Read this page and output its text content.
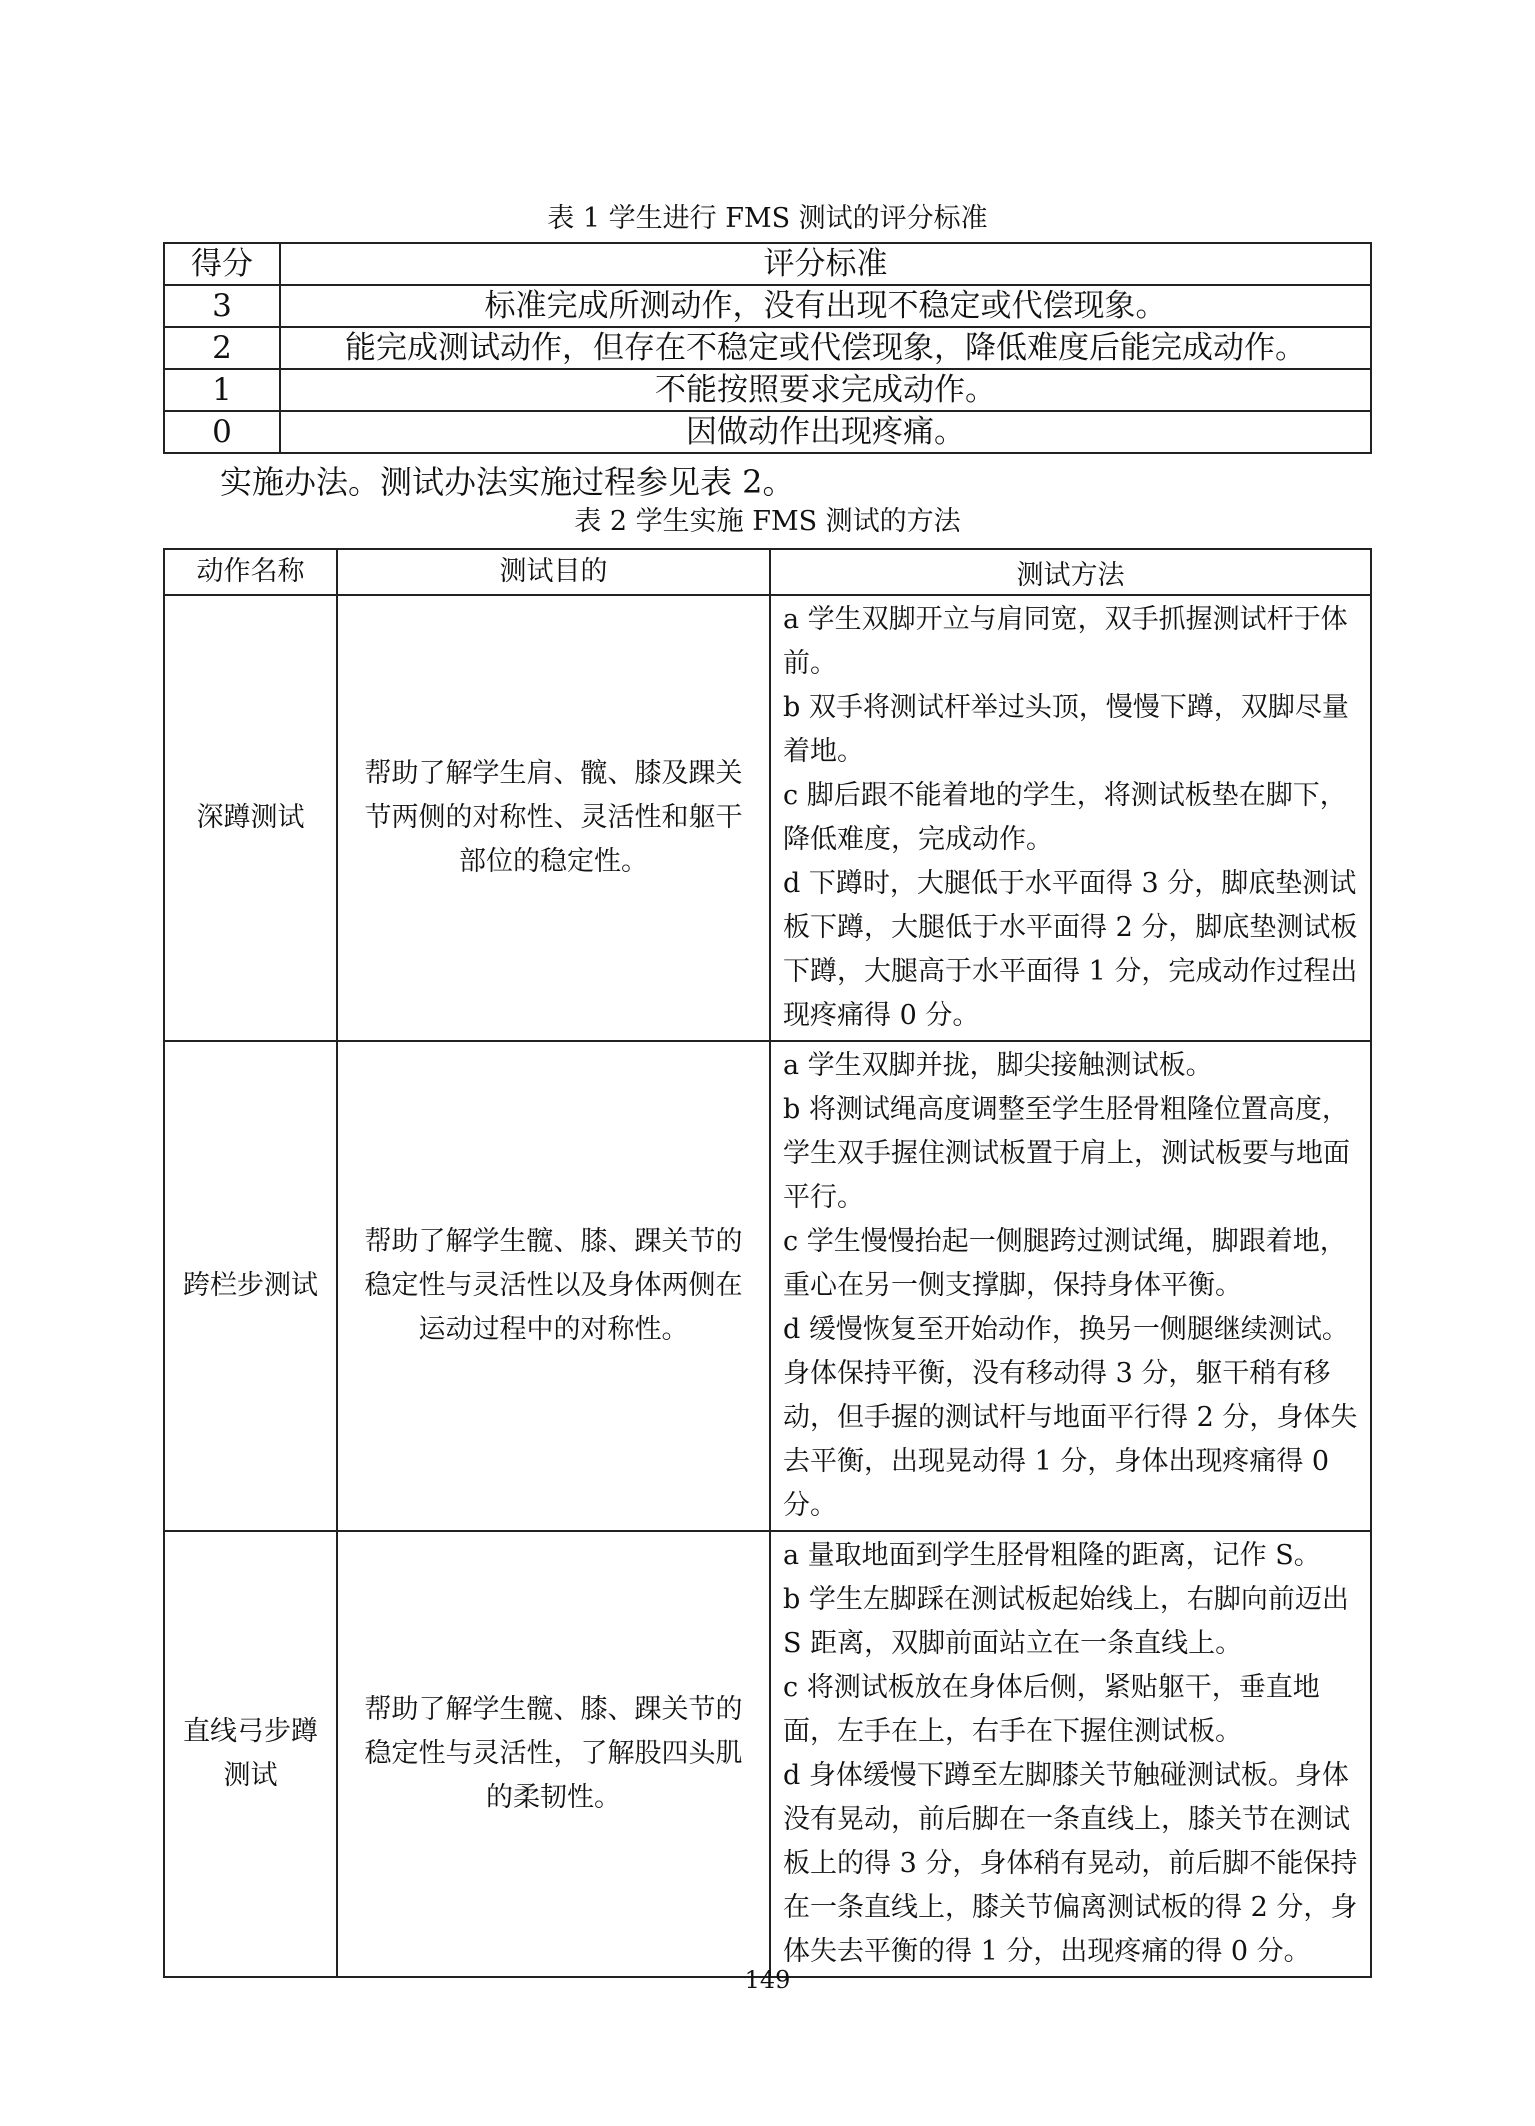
表 1 学生进行 FMS 测试的评分标准
得分	评分标准
3	标准完成所测动作，没有出现不稳定或代偿现象。
2	能完成测试动作，但存在不稳定或代偿现象，降低难度后能完成动作。
1	不能按照要求完成动作。
0	因做动作出现疼痛。
实施办法。测试办法实施过程参见表 2。
表 2 学生实施 FMS 测试的方法
动作名称	测试目的	测试方法
深蹲测试	帮助了解学生肩、髋、膝及踝关节两侧的对称性、灵活性和躯干部位的稳定性。	a 学生双脚开立与肩同宽，双手抓握测试杆于体前。
b 双手将测试杆举过头顶，慢慢下蹲，双脚尽量着地。
c 脚后跟不能着地的学生，将测试板垫在脚下，降低难度，完成动作。
d 下蹲时，大腿低于水平面得 3 分，脚底垫测试板下蹲，大腿低于水平面得 2 分，脚底垫测试板下蹲，大腿高于水平面得 1 分，完成动作过程出现疼痛得 0 分。

跨栏步测试	帮助了解学生髋、膝、踝关节的稳定性与灵活性以及身体两侧在运动过程中的对称性。	a 学生双脚并拢，脚尖接触测试板。
b 将测试绳高度调整至学生胫骨粗隆位置高度，学生双手握住测试板置于肩上，测试板要与地面平行。
c 学生慢慢抬起一侧腿跨过测试绳，脚跟着地，重心在另一侧支撑脚，保持身体平衡。
d 缓慢恢复至开始动作，换另一侧腿继续测试。身体保持平衡，没有移动得 3 分，躯干稍有移动，但手握的测试杆与地面平行得 2 分，身体失去平衡，出现晃动得 1 分，身体出现疼痛得 0 分。

直线弓步蹲测试	帮助了解学生髋、膝、踝关节的稳定性与灵活性，了解股四头肌的柔韧性。	a 量取地面到学生胫骨粗隆的距离，记作 S。
b 学生左脚踩在测试板起始线上，右脚向前迈出 S 距离，双脚前面站立在一条直线上。
c 将测试板放在身体后侧，紧贴躯干，垂直地面，左手在上，右手在下握住测试板。
d 身体缓慢下蹲至左脚膝关节触碰测试板。身体没有晃动，前后脚在一条直线上，膝关节在测试板上的得 3 分，身体稍有晃动，前后脚不能保持在一条直线上，膝关节偏离测试板的得 2 分，身体失去平衡的得 1 分，出现疼痛的得 0 分。
149
